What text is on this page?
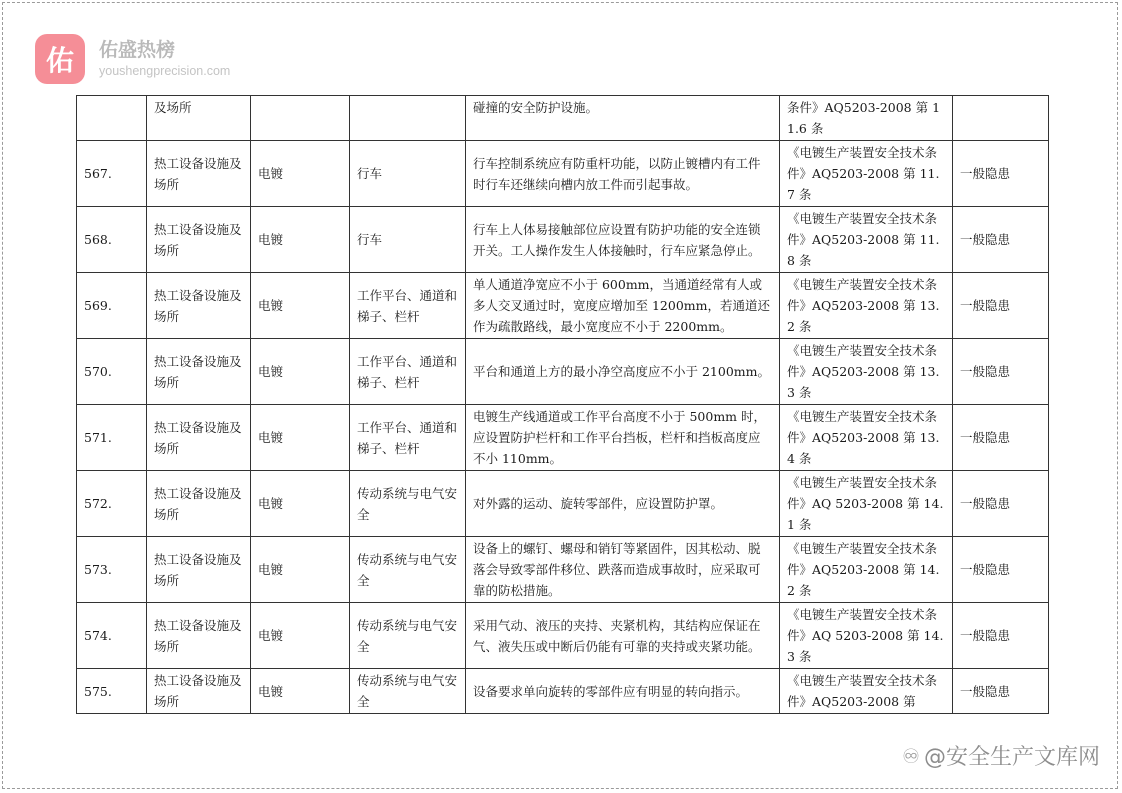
佑	佑盛热榜
youshengprecision.com
	及场所			碰撞的安全防护设施。	条件》AQ5203-2008 第 11.6 条	
567.	热工设备设施及场所	电镀	行车	行车控制系统应有防重杆功能，以防止镀槽内有工件时行车还继续向槽内放工件而引起事故。	《电镀生产装置安全技术条件》AQ5203-2008 第 11.7 条	一般隐患
568.	热工设备设施及场所	电镀	行车	行车上人体易接触部位应设置有防护功能的安全连锁开关。工人操作发生人体接触时，行车应紧急停止。	《电镀生产装置安全技术条件》AQ5203-2008 第 11.8 条	一般隐患
569.	热工设备设施及场所	电镀	工作平台、通道和梯子、栏杆	单人通道净宽应不小于 600mm，当通道经常有人或多人交叉通过时，宽度应增加至 1200mm，若通道还作为疏散路线，最小宽度应不小于 2200mm。	《电镀生产装置安全技术条件》AQ5203-2008 第 13.2 条	一般隐患
570.	热工设备设施及场所	电镀	工作平台、通道和梯子、栏杆	平台和通道上方的最小净空高度应不小于 2100mm。	《电镀生产装置安全技术条件》AQ5203-2008 第 13.3 条	一般隐患
571.	热工设备设施及场所	电镀	工作平台、通道和梯子、栏杆	电镀生产线通道或工作平台高度不小于 500mm 时，应设置防护栏杆和工作平台挡板，栏杆和挡板高度应不小 110mm。	《电镀生产装置安全技术条件》AQ5203-2008 第 13.4 条	一般隐患
572.	热工设备设施及场所	电镀	传动系统与电气安全	对外露的运动、旋转零部件，应设置防护罩。	《电镀生产装置安全技术条件》AQ 5203-2008 第 14.1 条	一般隐患
573.	热工设备设施及场所	电镀	传动系统与电气安全	设备上的螺钉、螺母和销钉等紧固件，因其松动、脱落会导致零部件移位、跌落而造成事故时，应采取可靠的防松措施。	《电镀生产装置安全技术条件》AQ5203-2008 第 14.2 条	一般隐患
574.	热工设备设施及场所	电镀	传动系统与电气安全	采用气动、液压的夹持、夹紧机构，其结构应保证在气、液失压或中断后仍能有可靠的夹持或夹紧功能。	《电镀生产装置安全技术条件》AQ 5203-2008 第 14.3 条	一般隐患
575.	热工设备设施及场所	电镀	传动系统与电气安全	设备要求单向旋转的零部件应有明显的转向指示。	《电镀生产装置安全技术条件》AQ5203-2008 第	一般隐患
♾ @安全生产文库网
